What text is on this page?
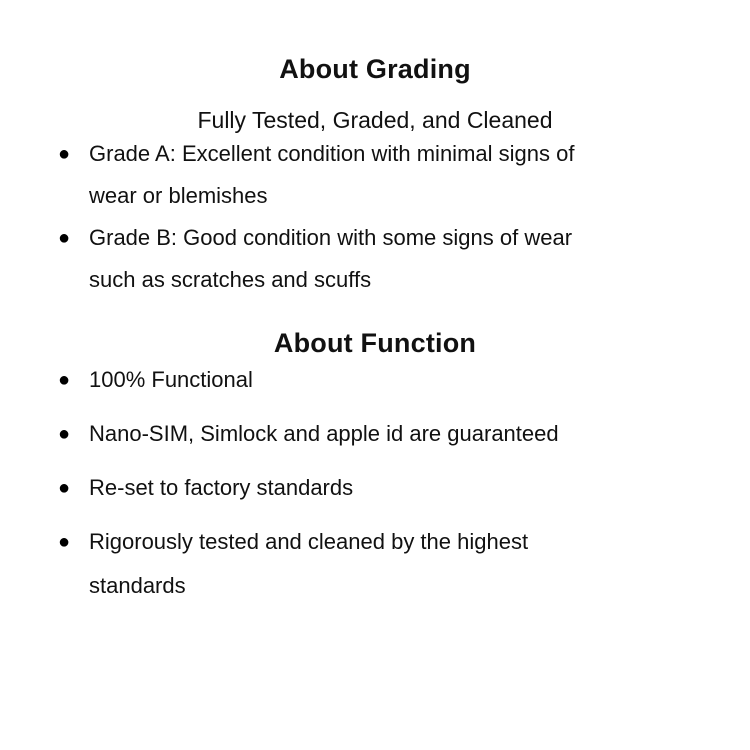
About Grading
Fully Tested, Graded, and Cleaned
● Grade A: Excellent condition with minimal signs of
wear or blemishes
● Grade B: Good condition with some signs of wear
such as scratches and scuffs
About Function
● 100% Functional
● Nano-SIM, Simlock and apple id are guaranteed
● Re-set to factory standards
● Rigorously tested and cleaned by the highest
standards
